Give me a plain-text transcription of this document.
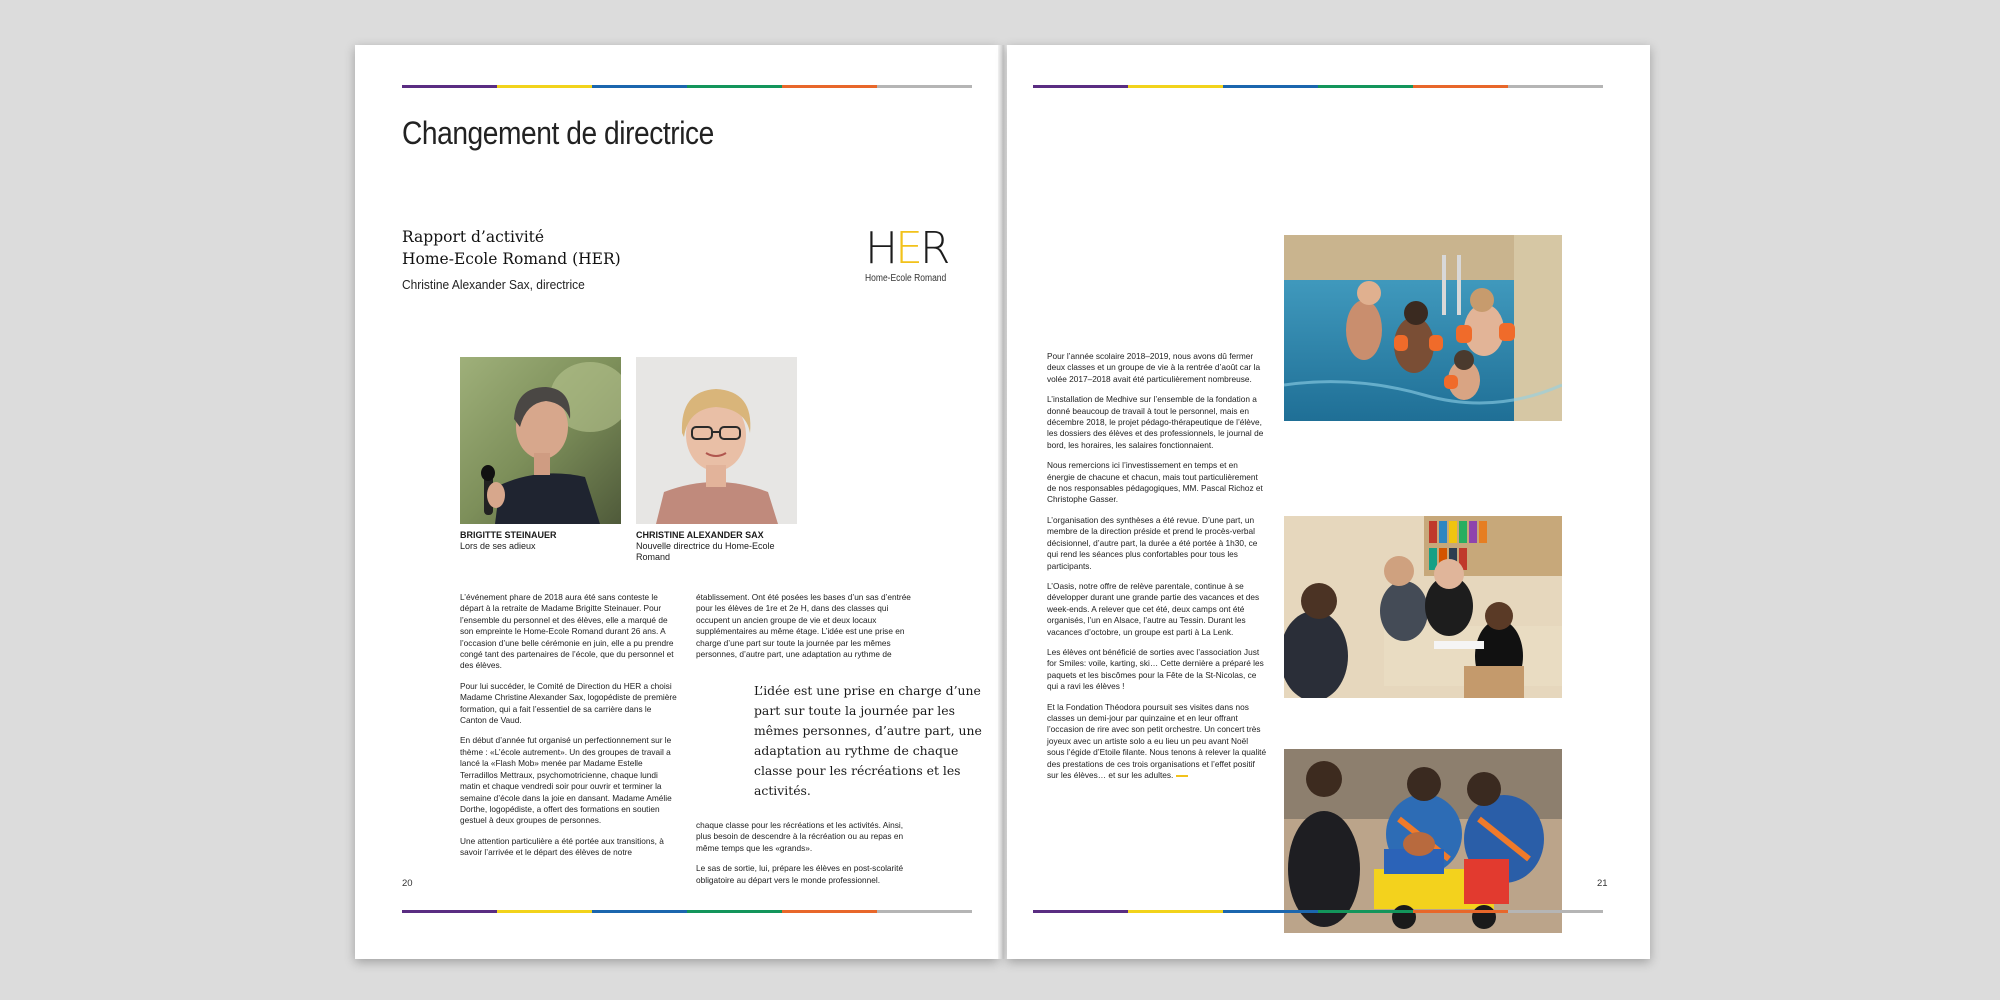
Changement de directrice
Rapport d’activité
Home-Ecole Romand (HER)
Christine Alexander Sax, directrice
HER
Home-Ecole Romand
BRIGITTE STEINAUER
Lors de ses adieux
CHRISTINE ALEXANDER SAX
Nouvelle directrice du Home-Ecole Romand

L’événement phare de 2018 aura été sans conteste le départ à la retraite de Madame Brigitte Steinauer. Pour l’ensemble du personnel et des élèves, elle a marqué de son empreinte le Home-Ecole Romand durant 26 ans. A l’occasion d’une belle cérémonie en juin, elle a pu prendre congé tant des partenaires de l’école, que du personnel et des élèves.

Pour lui succéder, le Comité de Direction du HER a choisi Madame Christine Alexander Sax, logopédiste de première formation, qui a fait l’essentiel de sa carrière dans le Canton de Vaud.

En début d’année fut organisé un perfectionnement sur le thème : «L’école autrement». Un des groupes de travail a lancé la «Flash Mob» menée par Madame Estelle Terradillos Mettraux, psychomotricienne, chaque lundi matin et chaque vendredi soir pour ouvrir et terminer la semaine d’école dans la joie en dansant. Madame Amélie Dorthe, logopédiste, a offert des formations en soutien gestuel à deux groupes de personnes.

Une attention particulière a été portée aux transitions, à savoir l’arrivée et le départ des élèves de notre

établissement. Ont été posées les bases d’un sas d’entrée pour les élèves de 1re et 2e H, dans des classes qui occupent un ancien groupe de vie et deux locaux supplémentaires au même étage. L’idée est une prise en charge d’une part sur toute la journée par les mêmes personnes, d’autre part, une adaptation au rythme de

L’idée est une prise en charge d’une part sur toute la journée par les mêmes personnes, d’autre part, une adaptation au rythme de chaque classe pour les récréations et les activités.

chaque classe pour les récréations et les activités. Ainsi, plus besoin de descendre à la récréation ou au repas en même temps que les «grands».

Le sas de sortie, lui, prépare les élèves en post-scolarité obligatoire au départ vers le monde professionnel.

20

Pour l’année scolaire 2018–2019, nous avons dû fermer deux classes et un groupe de vie à la rentrée d’août car la volée 2017–2018 avait été particulièrement nombreuse.

L’installation de Medhive sur l’ensemble de la fondation a donné beaucoup de travail à tout le personnel, mais en décembre 2018, le projet pédago-thérapeutique de l’élève, les dossiers des élèves et des professionnels, le journal de bord, les horaires, les salaires fonctionnaient.

Nous remercions ici l’investissement en temps et en énergie de chacune et chacun, mais tout particulièrement de nos responsables pédagogiques, MM. Pascal Richoz et Christophe Gasser.

L’organisation des synthèses a été revue. D’une part, un membre de la direction préside et prend le procès-verbal décisionnel, d’autre part, la durée a été portée à 1h30, ce qui rend les séances plus confortables pour tous les participants.

L’Oasis, notre offre de relève parentale, continue à se développer durant une grande partie des vacances et des week-ends. A relever que cet été, deux camps ont été organisés, l’un en Alsace, l’autre au Tessin. Durant les vacances d’octobre, un groupe est parti à La Lenk.

Les élèves ont bénéficié de sorties avec l’association Just for Smiles: voile, karting, ski… Cette dernière a préparé les paquets et les biscômes pour la Fête de la St-Nicolas, ce qui a ravi les élèves !

Et la Fondation Théodora poursuit ses visites dans nos classes un demi-jour par quinzaine et en leur offrant l’occasion de rire avec son petit orchestre. Un concert très joyeux avec un artiste solo a eu lieu un peu avant Noël sous l’égide d’Etoile filante. Nous tenons à relever la qualité des prestations de ces trois organisations et l’effet positif sur les élèves… et sur les adultes.

21
